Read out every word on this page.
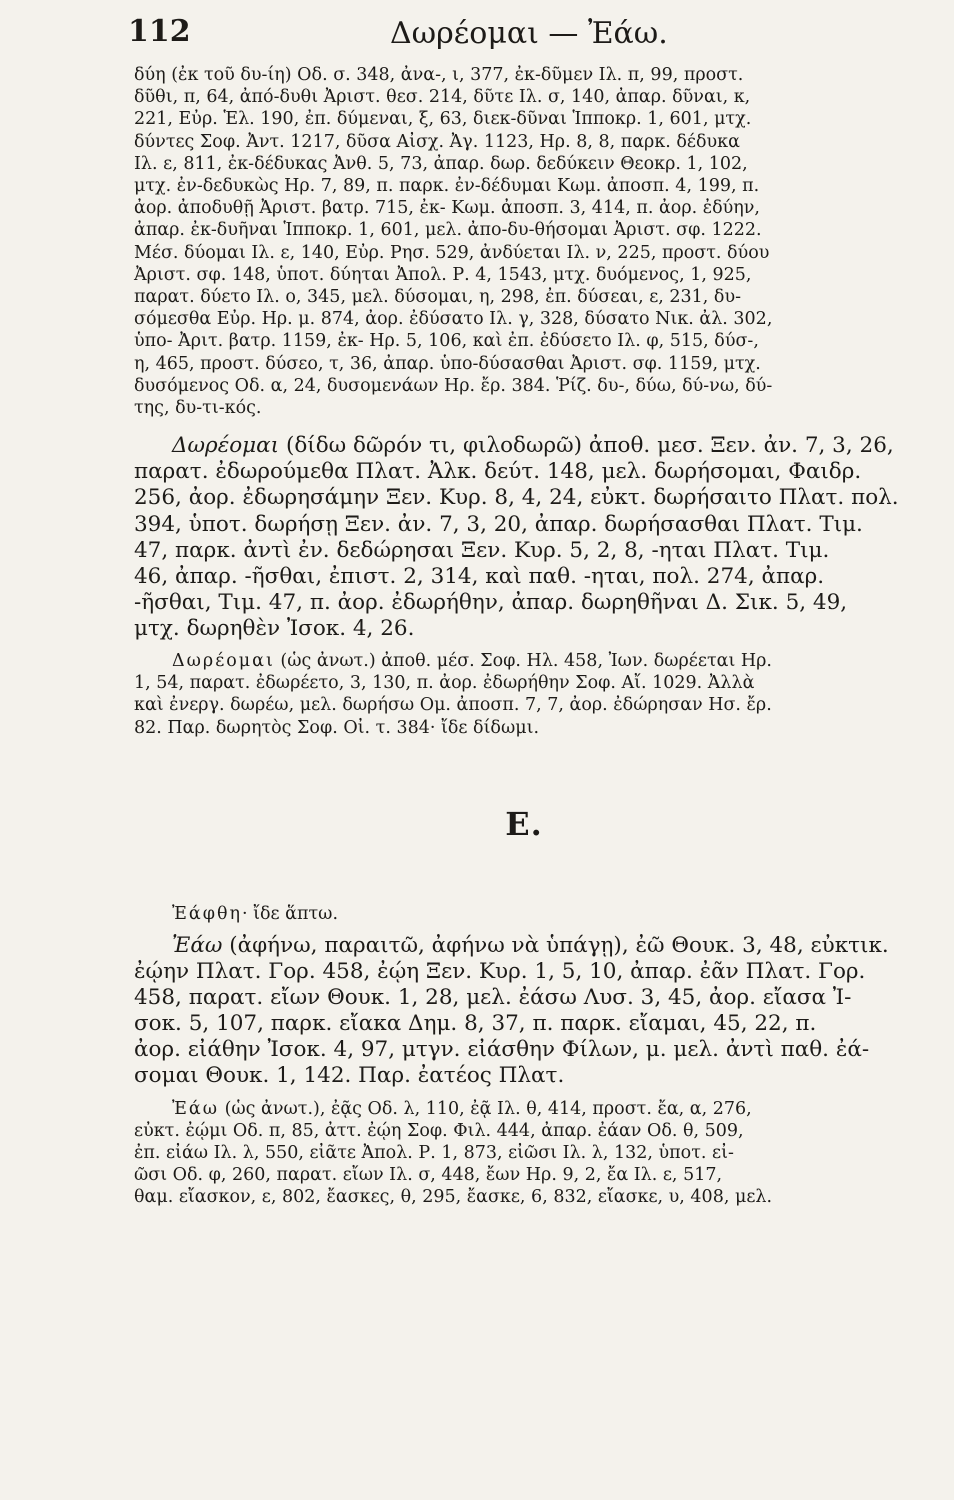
112	Δωρέομαι — Ἐάω.
δύη (ἐκ τοῦ δυ-ίη) Οδ. σ. 348, ἀνα-, ι, 377, ἐκ-δῦμεν Ιλ. π, 99, προστ.
δῦθι, π, 64, ἀπό-δυθι Ἀριστ. θεσ. 214, δῦτε Ιλ. σ, 140, ἀπαρ. δῦναι, κ,
221, Εὐρ. Ἑλ. 190, ἐπ. δύμεναι, ξ, 63, διεκ-δῦναι Ἱπποκρ. 1, 601, μτχ.
δύντες Σοφ. Ἀντ. 1217, δῦσα Αἰσχ. Ἀγ. 1123, Ηρ. 8, 8, παρκ. δέδυκα
Ιλ. ε, 811, ἐκ-δέδυκας Ἀνθ. 5, 73, ἀπαρ. δωρ. δεδύκειν Θεοκρ. 1, 102,
μτχ. ἐν-δεδυκὼς Ηρ. 7, 89, π. παρκ. ἐν-δέδυμαι Κωμ. ἀποσπ. 4, 199, π.
ἀορ. ἀποδυθῇ Ἀριστ. βατρ. 715, ἐκ- Κωμ. ἀποσπ. 3, 414, π. ἀορ. ἐδύην,
ἀπαρ. ἐκ-δυῆναι Ἱπποκρ. 1, 601, μελ. ἀπο-δυ-θήσομαι Ἀριστ. σφ. 1222.
Μέσ. δύομαι Ιλ. ε, 140, Εὐρ. Ρησ. 529, ἀνδύεται Ιλ. ν, 225, προστ. δύου
Ἀριστ. σφ. 148, ὑποτ. δύηται Ἀπολ. Ρ. 4, 1543, μτχ. δυόμενος, 1, 925,
παρατ. δύετο Ιλ. ο, 345, μελ. δύσομαι, η, 298, ἐπ. δύσεαι, ε, 231, δυ-
σόμεσθα Εὐρ. Ηρ. μ. 874, ἀορ. ἐδύσατο Ιλ. γ, 328, δύσατο Νικ. ἀλ. 302,
ὑπο- Ἀριτ. βατρ. 1159, ἐκ- Ηρ. 5, 106, καὶ ἐπ. ἐδύσετο Ιλ. φ, 515, δύσ-,
η, 465, προστ. δύσεο, τ, 36, ἀπαρ. ὑπο-δύσασθαι Ἀριστ. σφ. 1159, μτχ.
δυσόμενος Οδ. α, 24, δυσομενάων Ηρ. ἔρ. 384. Ῥίζ. δυ-, δύω, δύ-νω, δύ-
της, δυ-τι-κός.
Δωρέομαι (δίδω δῶρόν τι, φιλοδωρῶ) ἀποθ. μεσ. Ξεν. ἀν. 7, 3, 26,
παρατ. ἐδωρούμεθα Πλατ. Ἀλκ. δεύτ. 148, μελ. δωρήσομαι, Φαιδρ.
256, ἀορ. ἐδωρησάμην Ξεν. Κυρ. 8, 4, 24, εὐκτ. δωρήσαιτο Πλατ. πολ.
394, ὑποτ. δωρήσῃ Ξεν. ἀν. 7, 3, 20, ἀπαρ. δωρήσασθαι Πλατ. Τιμ.
47, παρκ. ἀντὶ ἐν. δεδώρησαι Ξεν. Κυρ. 5, 2, 8, -ηται Πλατ. Τιμ.
46, ἀπαρ. -ῆσθαι, ἐπιστ. 2, 314, καὶ παθ. -ηται, πολ. 274, ἀπαρ.
-ῆσθαι, Τιμ. 47, π. ἀορ. ἐδωρήθην, ἀπαρ. δωρηθῆναι Δ. Σικ. 5, 49,
μτχ. δωρηθὲν Ἰσοκ. 4, 26.
Δωρέομαι (ὡς ἀνωτ.) ἀποθ. μέσ. Σοφ. Ηλ. 458, Ἰων. δωρέεται Ηρ.
1, 54, παρατ. ἐδωρέετο, 3, 130, π. ἀορ. ἐδωρήθην Σοφ. Αἴ. 1029. Ἀλλὰ
καὶ ἐνεργ. δωρέω, μελ. δωρήσω Ομ. ἀποσπ. 7, 7, ἀορ. ἐδώρησαν Ησ. ἔρ.
82. Παρ. δωρητὸς Σοφ. Οἰ. τ. 384· ἴδε δίδωμι.
Ε.
Ἐάφθη· ἴδε ἅπτω.
Ἐάω (ἀφήνω, παραιτῶ, ἀφήνω νὰ ὑπάγῃ), ἐῶ Θουκ. 3, 48, εὐκτικ.
ἐῴην Πλατ. Γορ. 458, ἐῴη Ξεν. Κυρ. 1, 5, 10, ἀπαρ. ἐᾶν Πλατ. Γορ.
458, παρατ. εἴων Θουκ. 1, 28, μελ. ἐάσω Λυσ. 3, 45, ἀορ. εἴασα Ἰ-
σοκ. 5, 107, παρκ. εἴακα Δημ. 8, 37, π. παρκ. εἴαμαι, 45, 22, π.
ἀορ. εἰάθην Ἰσοκ. 4, 97, μτγν. εἰάσθην Φίλων, μ. μελ. ἀντὶ παθ. ἐά-
σομαι Θουκ. 1, 142. Παρ. ἐατέος Πλατ.
Ἐάω (ὡς ἀνωτ.), ἐᾷς Οδ. λ, 110, ἐᾷ Ιλ. θ, 414, προστ. ἔα, α, 276,
εὐκτ. ἐῴμι Οδ. π, 85, ἀττ. ἐῴη Σοφ. Φιλ. 444, ἀπαρ. ἐάαν Οδ. θ, 509,
ἐπ. εἰάω Ιλ. λ, 550, εἰᾶτε Ἀπολ. Ρ. 1, 873, εἰῶσι Ιλ. λ, 132, ὑποτ. εἰ-
ῶσι Οδ. φ, 260, παρατ. εἴων Ιλ. σ, 448, ἔων Ηρ. 9, 2, ἔα Ιλ. ε, 517,
θαμ. εἴασκον, ε, 802, ἔασκες, θ, 295, ἔασκε, 6, 832, εἴασκε, υ, 408, μελ.
